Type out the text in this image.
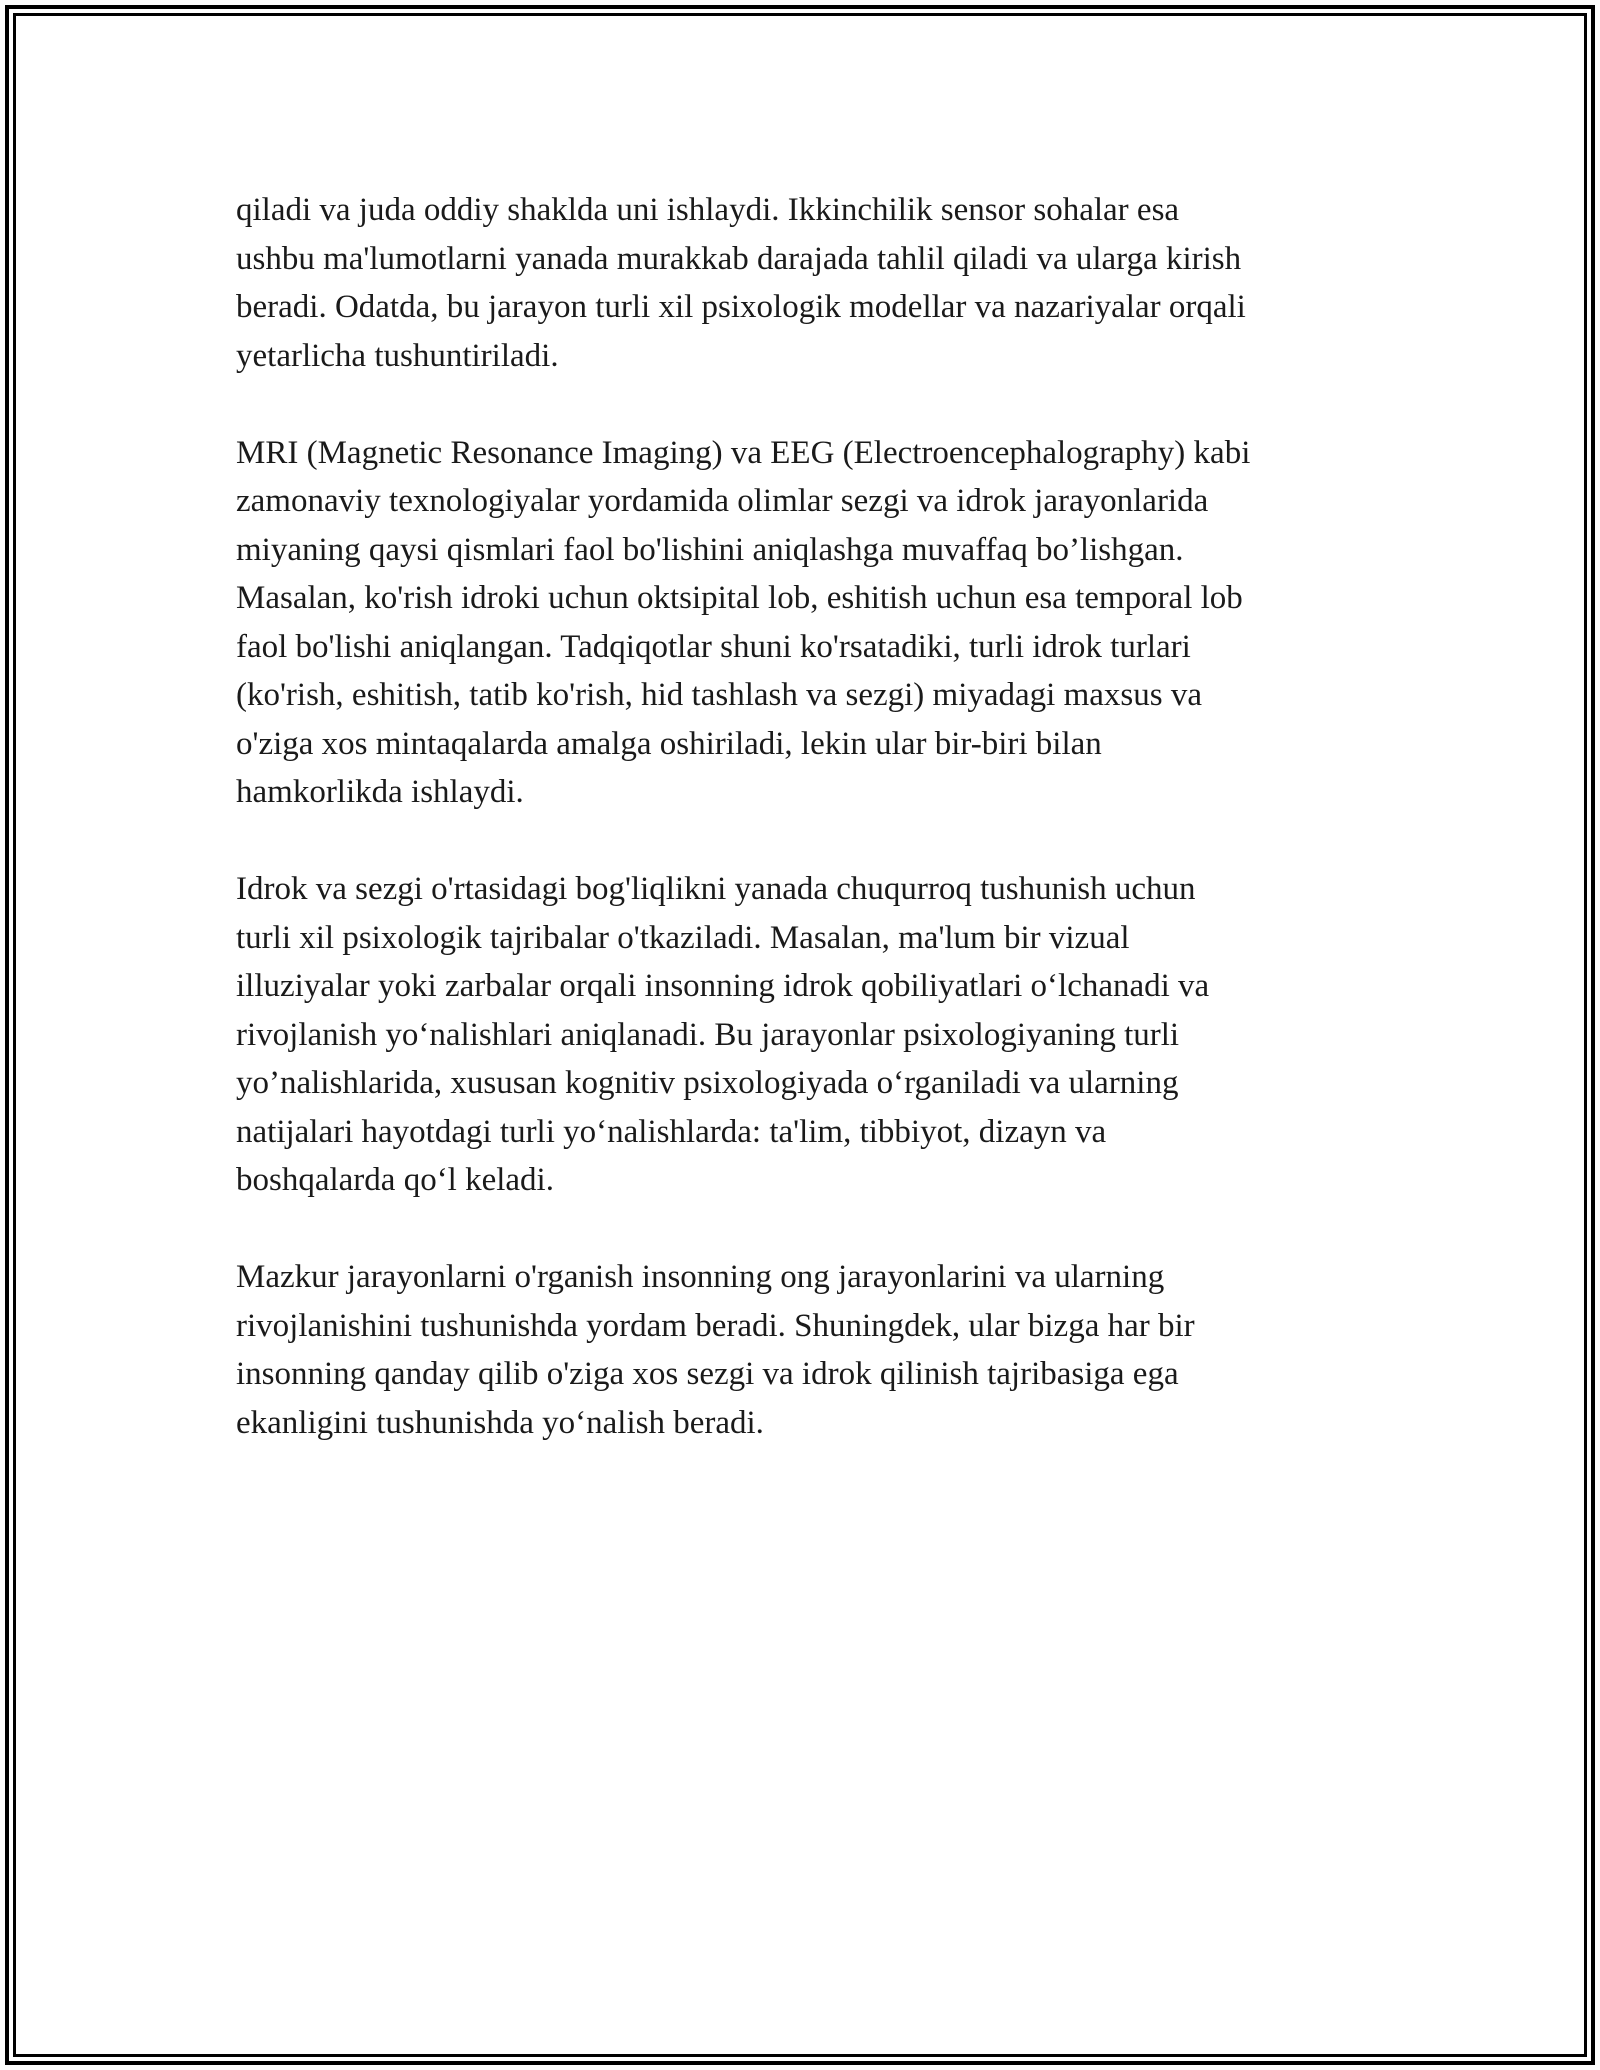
qiladi va juda oddiy shaklda uni ishlaydi. Ikkinchilik sensor sohalar esa
ushbu ma'lumotlarni yanada murakkab darajada tahlil qiladi va ularga kirish
beradi. Odatda, bu jarayon turli xil psixologik modellar va nazariyalar orqali
yetarlicha tushuntiriladi.

MRI (Magnetic Resonance Imaging) va EEG (Electroencephalography) kabi
zamonaviy texnologiyalar yordamida olimlar sezgi va idrok jarayonlarida
miyaning qaysi qismlari faol bo'lishini aniqlashga muvaffaq bo’lishgan.
Masalan, ko'rish idroki uchun oktsipital lob, eshitish uchun esa temporal lob
faol bo'lishi aniqlangan. Tadqiqotlar shuni ko'rsatadiki, turli idrok turlari
(ko'rish, eshitish, tatib ko'rish, hid tashlash va sezgi) miyadagi maxsus va
o'ziga xos mintaqalarda amalga oshiriladi, lekin ular bir-biri bilan
hamkorlikda ishlaydi.

Idrok va sezgi o'rtasidagi bog'liqlikni yanada chuqurroq tushunish uchun
turli xil psixologik tajribalar o'tkaziladi. Masalan, ma'lum bir vizual
illuziyalar yoki zarbalar orqali insonning idrok qobiliyatlari o‘lchanadi va
rivojlanish yo‘nalishlari aniqlanadi. Bu jarayonlar psixologiyaning turli
yo’nalishlarida, xususan kognitiv psixologiyada o‘rganiladi va ularning
natijalari hayotdagi turli yo‘nalishlarda: ta'lim, tibbiyot, dizayn va
boshqalarda qo‘l keladi.

Mazkur jarayonlarni o'rganish insonning ong jarayonlarini va ularning
rivojlanishini tushunishda yordam beradi. Shuningdek, ular bizga har bir
insonning qanday qilib o'ziga xos sezgi va idrok qilinish tajribasiga ega
ekanligini tushunishda yo‘nalish beradi.
